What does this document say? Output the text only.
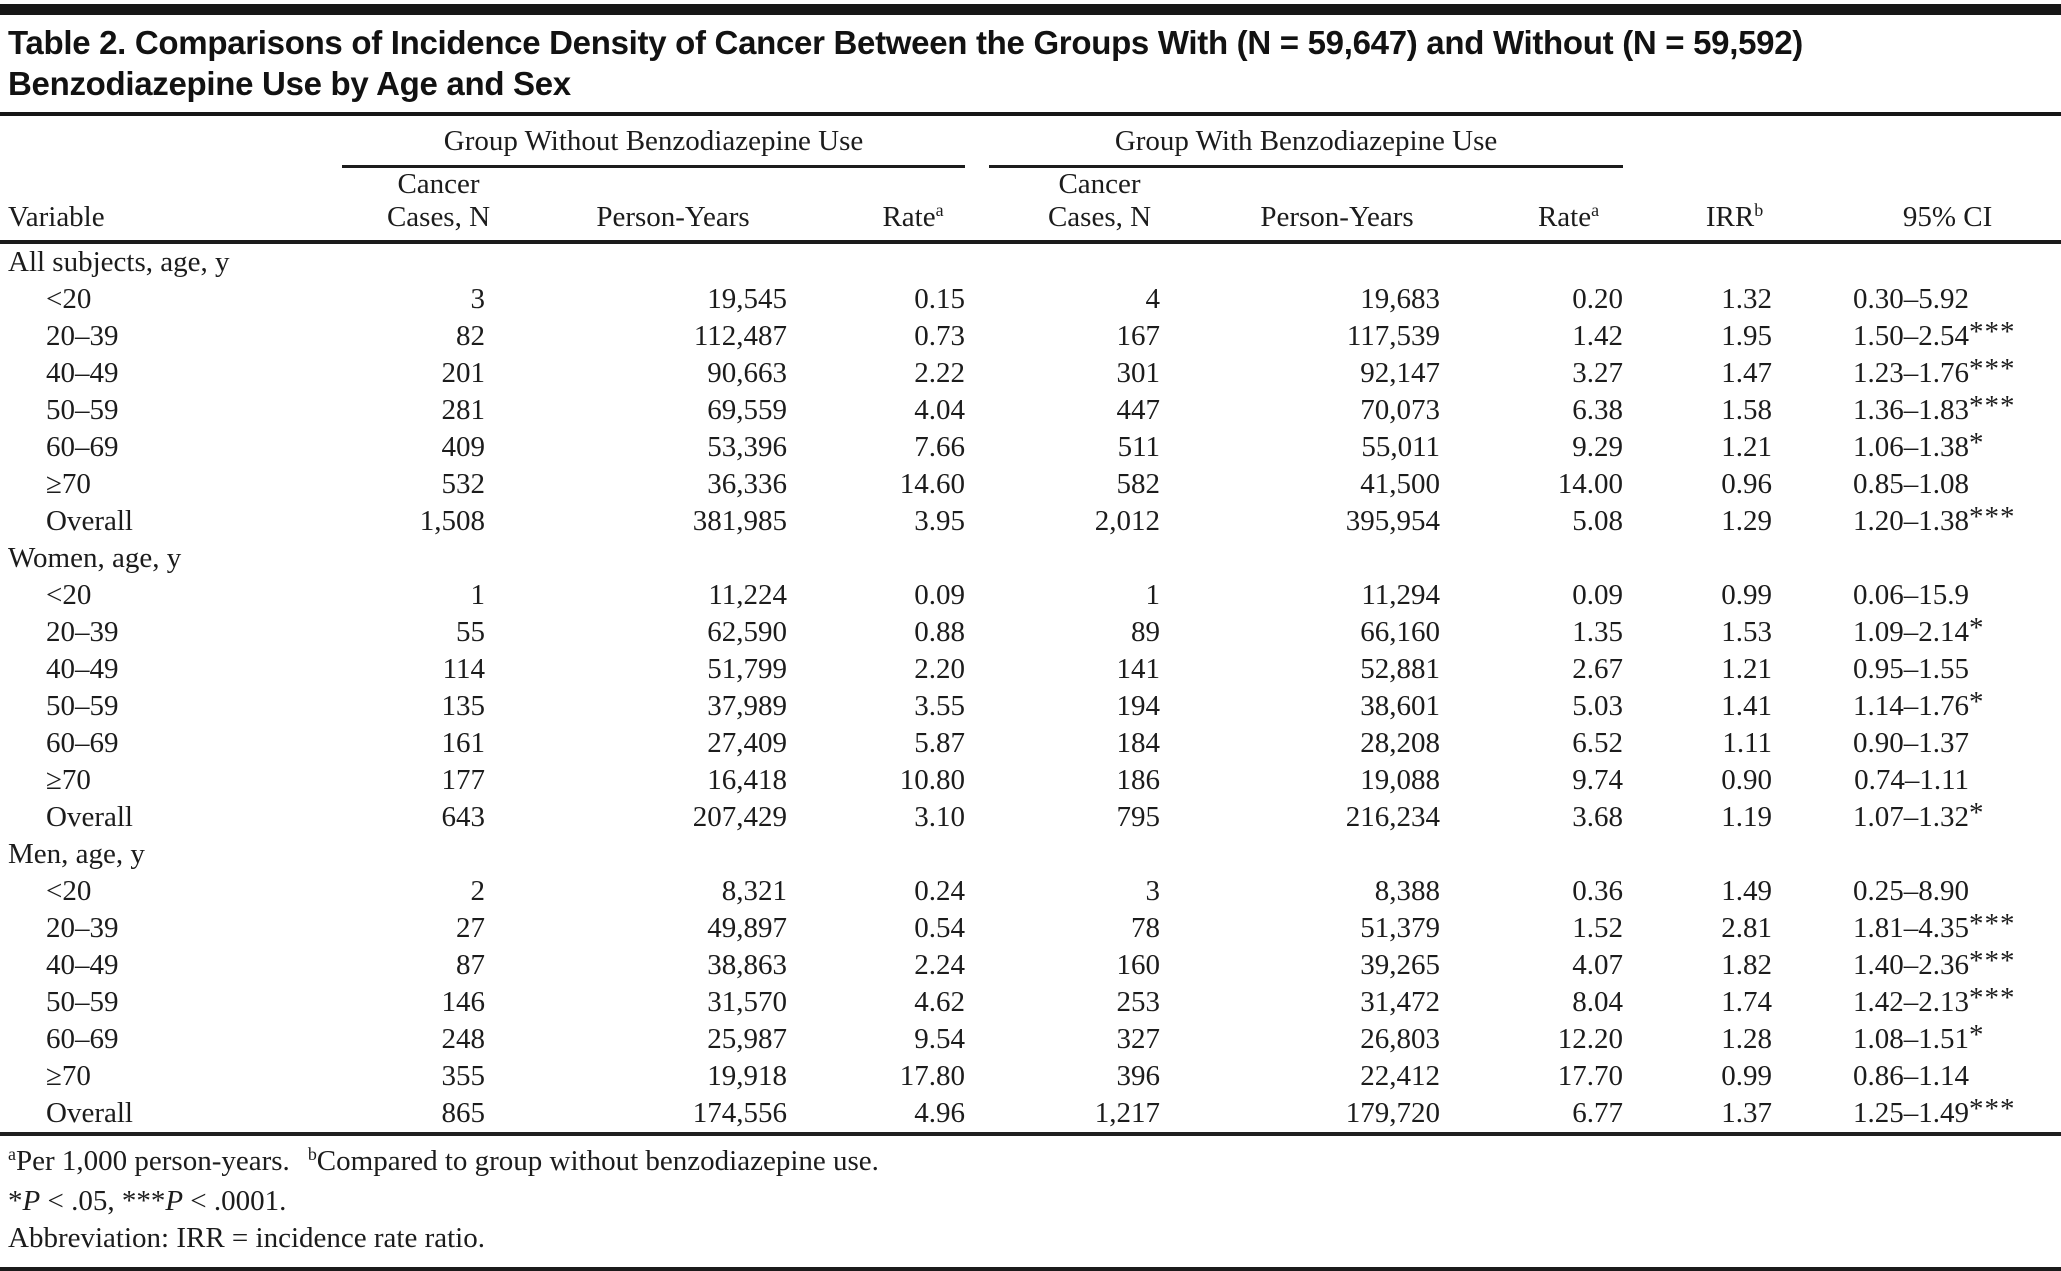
Table 2. Comparisons of Incidence Density of Cancer Between the Groups With (N = 59,647) and Without (N = 59,592)
Benzodiazepine Use by Age and Sex

	Group Without Benzodiazepine Use			Group With Benzodiazepine Use				

Variable	Cancer Cases, N	Person-Years	Rate$^a$	Cancer Cases, N	Person-Years	Rate$^a$	IRR$^b$	95% CI
All subjects, age, y								
<20	3	19,545	0.15	4	19,683	0.20	1.32	0.30–5.92
20–39	82	112,487	0.73	167	117,539	1.42	1.95	1.50–2.54***
40–49	201	90,663	2.22	301	92,147	3.27	1.47	1.23–1.76***
50–59	281	69,559	4.04	447	70,073	6.38	1.58	1.36–1.83***
60–69	409	53,396	7.66	511	55,011	9.29	1.21	1.06–1.38*
≥70	532	36,336	14.60	582	41,500	14.00	0.96	0.85–1.08
Overall	1,508	381,985	3.95	2,012	395,954	5.08	1.29	1.20–1.38***
Women, age, y								
<20	1	11,224	0.09	1	11,294	0.09	0.99	0.06–15.9
20–39	55	62,590	0.88	89	66,160	1.35	1.53	1.09–2.14*
40–49	114	51,799	2.20	141	52,881	2.67	1.21	0.95–1.55
50–59	135	37,989	3.55	194	38,601	5.03	1.41	1.14–1.76*
60–69	161	27,409	5.87	184	28,208	6.52	1.11	0.90–1.37
≥70	177	16,418	10.80	186	19,088	9.74	0.90	0.74–1.11
Overall	643	207,429	3.10	795	216,234	3.68	1.19	1.07–1.32*
Men, age, y								
<20	2	8,321	0.24	3	8,388	0.36	1.49	0.25–8.90
20–39	27	49,897	0.54	78	51,379	1.52	2.81	1.81–4.35***
40–49	87	38,863	2.24	160	39,265	4.07	1.82	1.40–2.36***
50–59	146	31,570	4.62	253	31,472	8.04	1.74	1.42–2.13***
60–69	248	25,987	9.54	327	26,803	12.20	1.28	1.08–1.51*
≥70	355	19,918	17.80	396	22,412	17.70	0.99	0.86–1.14
Overall	865	174,556	4.96	1,217	179,720	6.77	1.37	1.25–1.49***
$^a$Per 1,000 person-years. $^b$Compared to group without benzodiazepine use.
*P < .05, ***P < .0001.
Abbreviation: IRR = incidence rate ratio.
